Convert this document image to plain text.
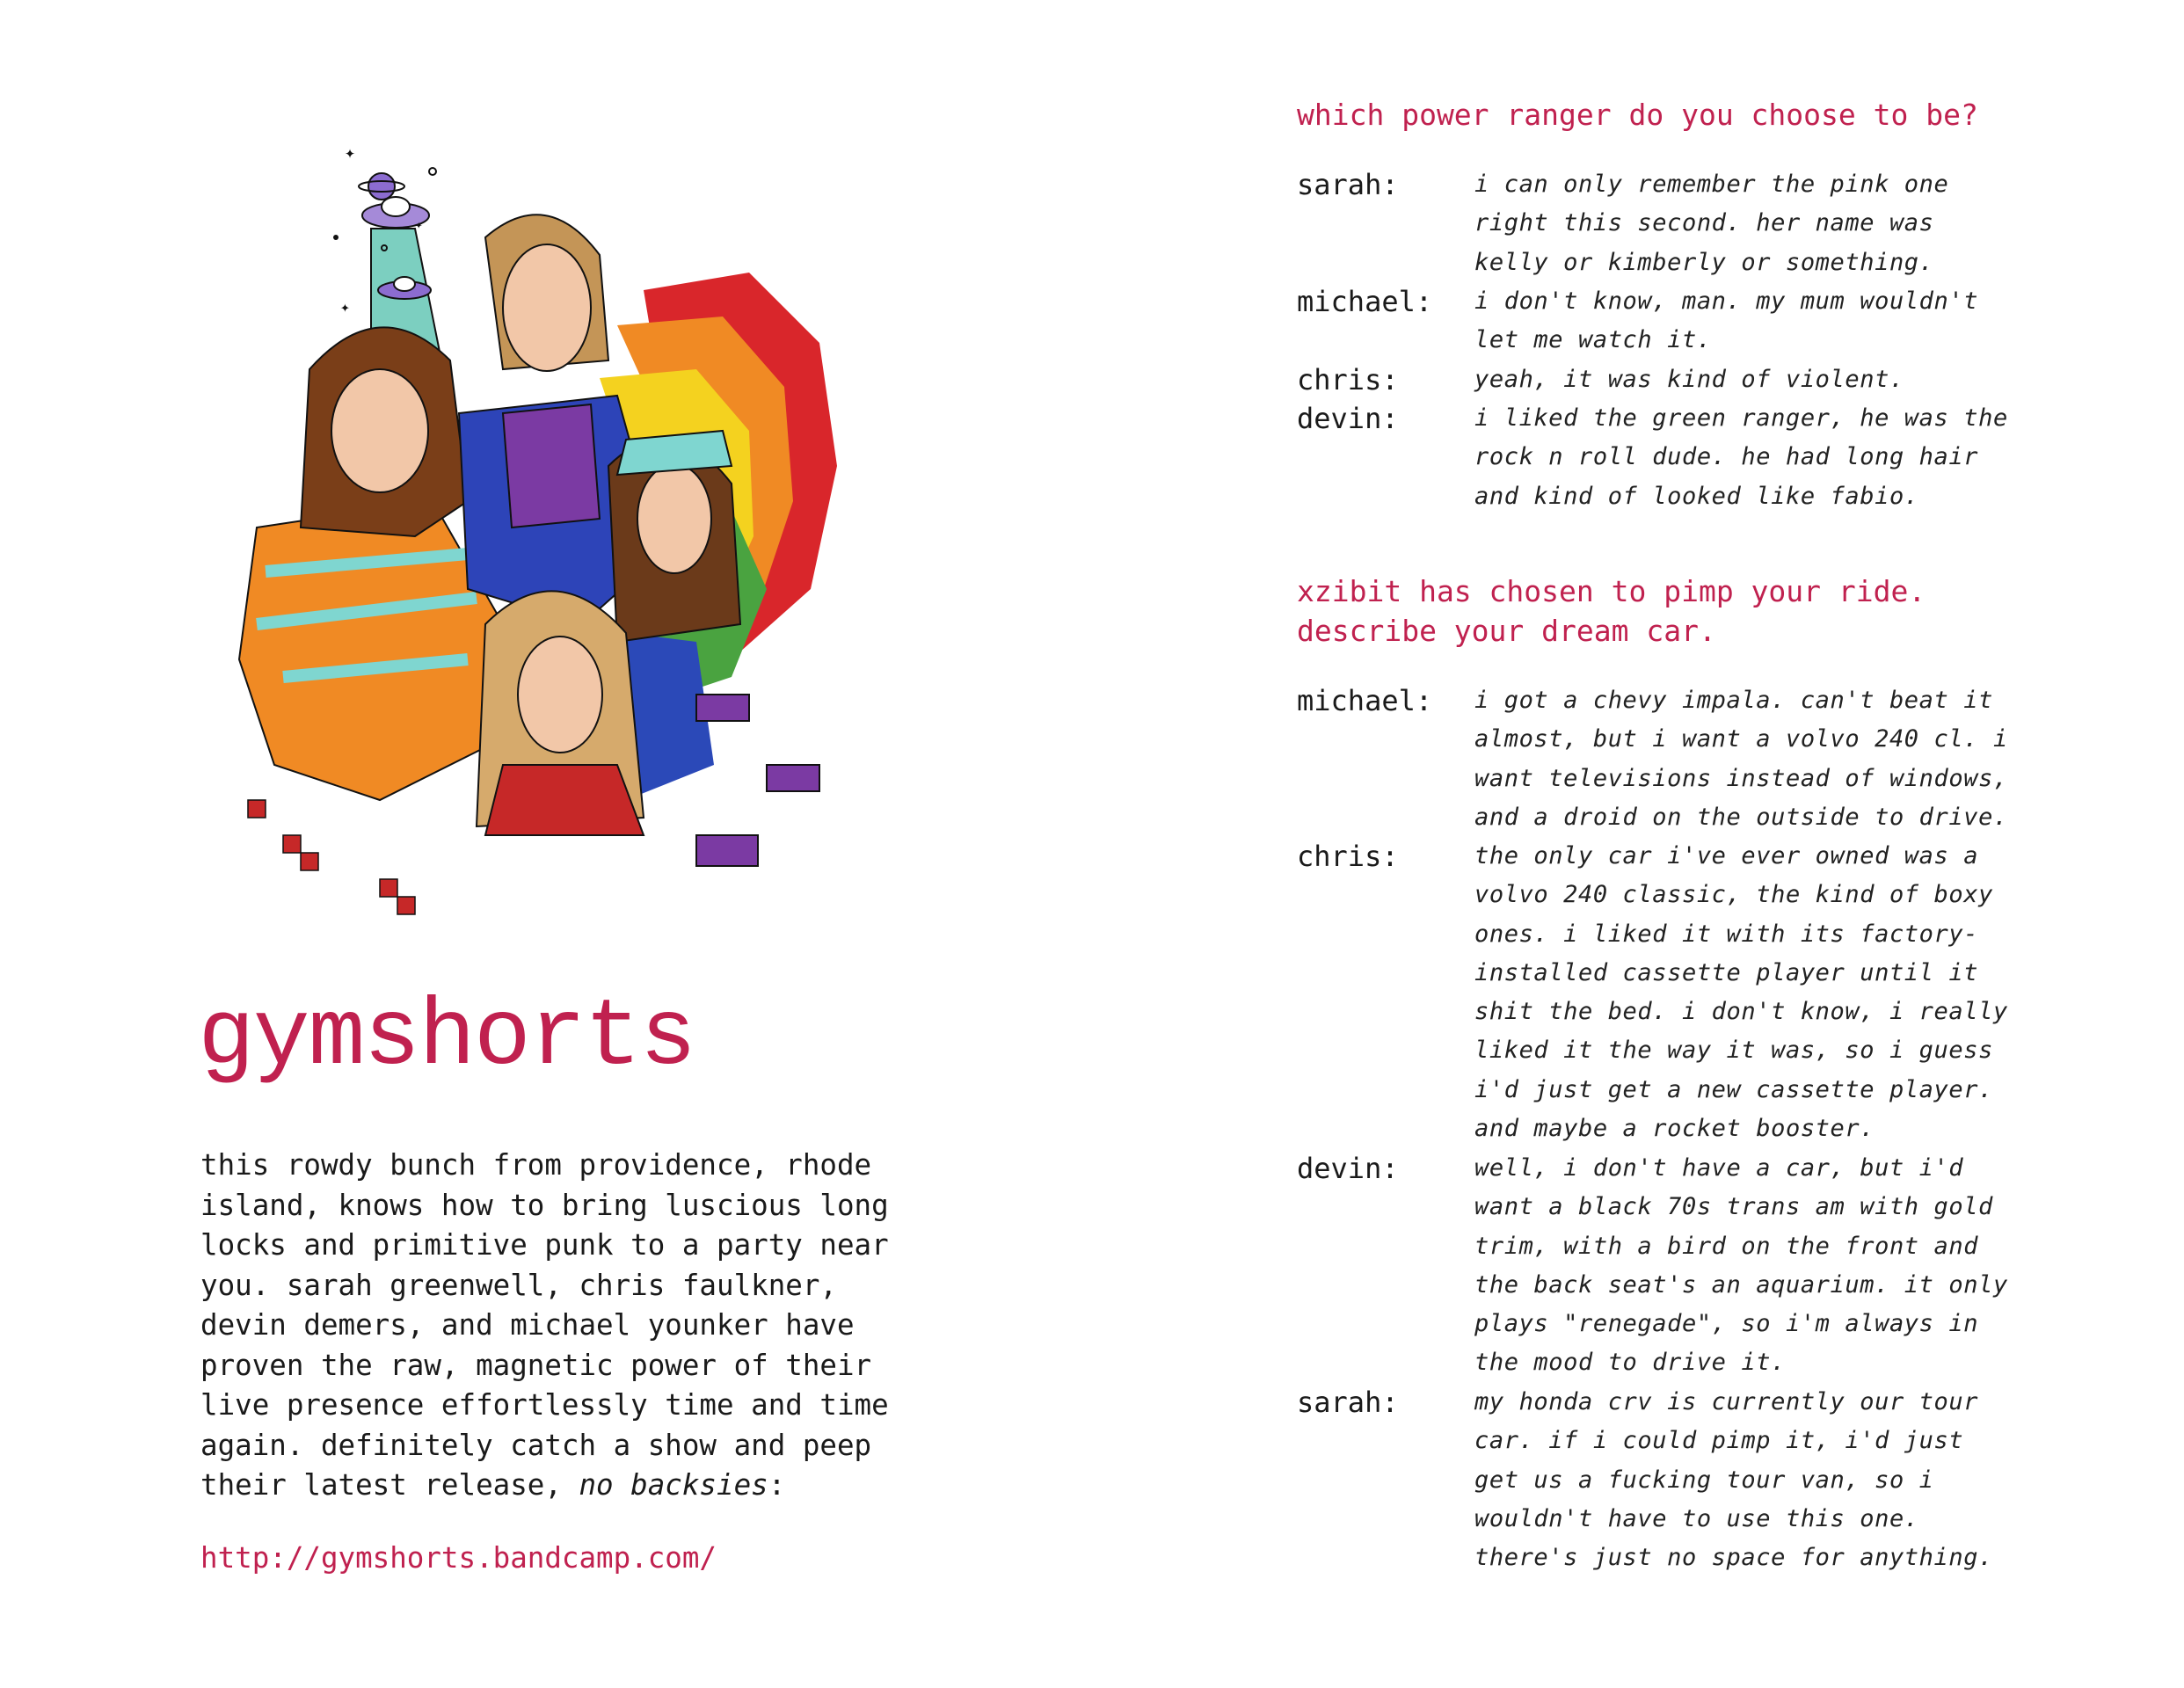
✦
✦
✦
gymshorts

this rowdy bunch from providence, rhode
island, knows how to bring luscious long
locks and primitive punk to a party near
you. sarah greenwell, chris faulkner,
devin demers, and michael younker have
proven the raw, magnetic power of their
live presence effortlessly time and time
again. definitely catch a show and peep
their latest release, no backsies:

http://gymshorts.bandcamp.com/
which power ranger do you choose to be?
sarah:	i can only remember the pink one
right this second. her name was
kelly or kimberly or something.
michael: i don't know, man. my mum wouldn't
let me watch it.
chris:	yeah, it was kind of violent.
devin:	i liked the green ranger, he was the
rock n roll dude. he had long hair
and kind of looked like fabio.
xzibit has chosen to pimp your ride.
describe your dream car.
michael: i got a chevy impala. can't beat it
almost, but i want a volvo 240 cl. i
want televisions instead of windows,
and a droid on the outside to drive.
chris:	the only car i've ever owned was a
volvo 240 classic, the kind of boxy
ones. i liked it with its factory-
installed cassette player until it
shit the bed. i don't know, i really
liked it the way it was, so i guess
i'd just get a new cassette player.
and maybe a rocket booster.
devin:	well, i don't have a car, but i'd
want a black 70s trans am with gold
trim, with a bird on the front and
the back seat's an aquarium. it only
plays "renegade", so i'm always in
the mood to drive it.
sarah:	my honda crv is currently our tour
car. if i could pimp it, i'd just
get us a fucking tour van, so i
wouldn't have to use this one.
there's just no space for anything.
